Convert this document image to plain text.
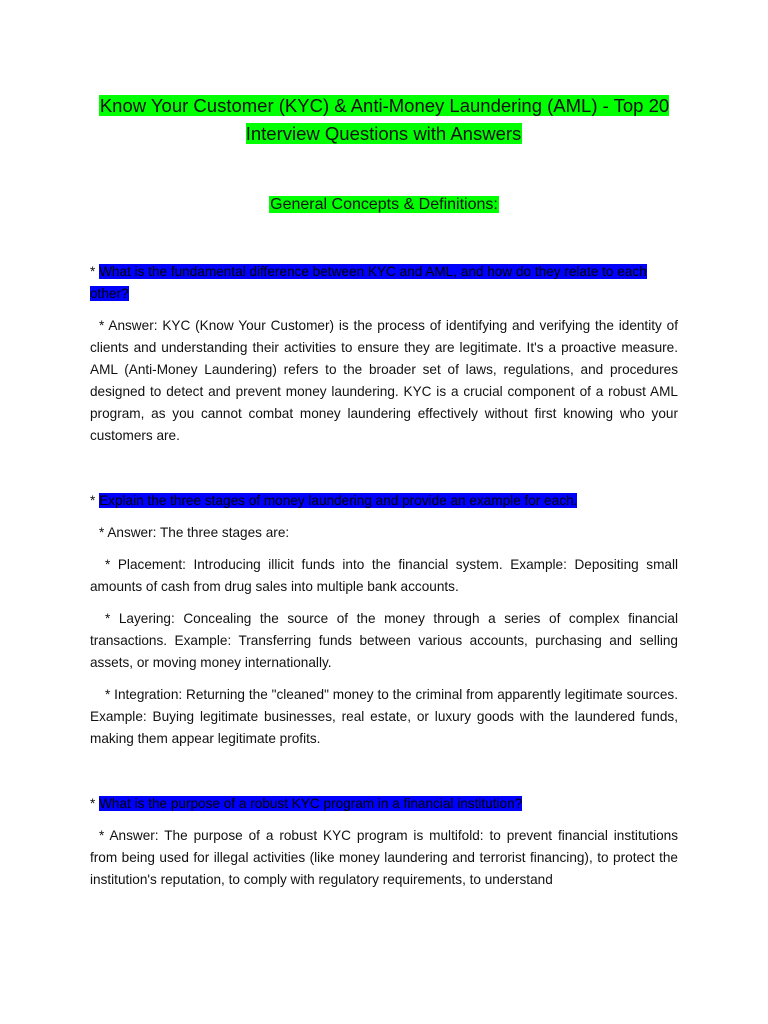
Know Your Customer (KYC) & Anti-Money Laundering (AML) - Top 20 Interview Questions with Answers
General Concepts & Definitions:
* What is the fundamental difference between KYC and AML, and how do they relate to each other?
* Answer: KYC (Know Your Customer) is the process of identifying and verifying the identity of clients and understanding their activities to ensure they are legitimate. It's a proactive measure. AML (Anti-Money Laundering) refers to the broader set of laws, regulations, and procedures designed to detect and prevent money laundering. KYC is a crucial component of a robust AML program, as you cannot combat money laundering effectively without first knowing who your customers are.
* Explain the three stages of money laundering and provide an example for each.
* Answer: The three stages are:
* Placement: Introducing illicit funds into the financial system. Example: Depositing small amounts of cash from drug sales into multiple bank accounts.
* Layering: Concealing the source of the money through a series of complex financial transactions. Example: Transferring funds between various accounts, purchasing and selling assets, or moving money internationally.
* Integration: Returning the "cleaned" money to the criminal from apparently legitimate sources. Example: Buying legitimate businesses, real estate, or luxury goods with the laundered funds, making them appear legitimate profits.
* What is the purpose of a robust KYC program in a financial institution?
* Answer: The purpose of a robust KYC program is multifold: to prevent financial institutions from being used for illegal activities (like money laundering and terrorist financing), to protect the institution's reputation, to comply with regulatory requirements, to understand
